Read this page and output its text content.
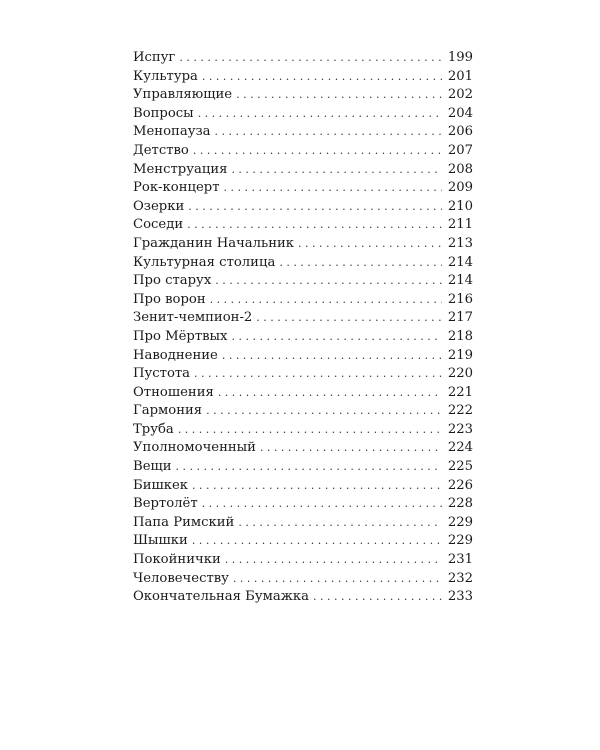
Испуг . . .	199
Культура . . .	201
Управляющие . . .	202
Вопросы . . .	204
Менопауза . . .	206
Детство . . .	207
Менструация . . .	208
Рок-концерт . . .	209
Озерки . . .	210
Соседи . . .	211
Гражданин Начальник . . .	213
Культурная столица . . .	214
Про старух . . .	214
Про ворон . . .	216
Зенит-чемпион-2 . . .	217
Про Мёртвых . . .	218
Наводнение . . .	219
Пустота . . .	220
Отношения . . .	221
Гармония . . .	222
Труба . . .	223
Уполномоченный . . .	224
Вещи . . .	225
Бишкек . . .	226
Вертолёт . . .	228
Папа Римский . . .	229
Шышки . . .	229
Покойнички . . .	231
Человечеству . . .	232
Окончательная Бумажка . . .	233
